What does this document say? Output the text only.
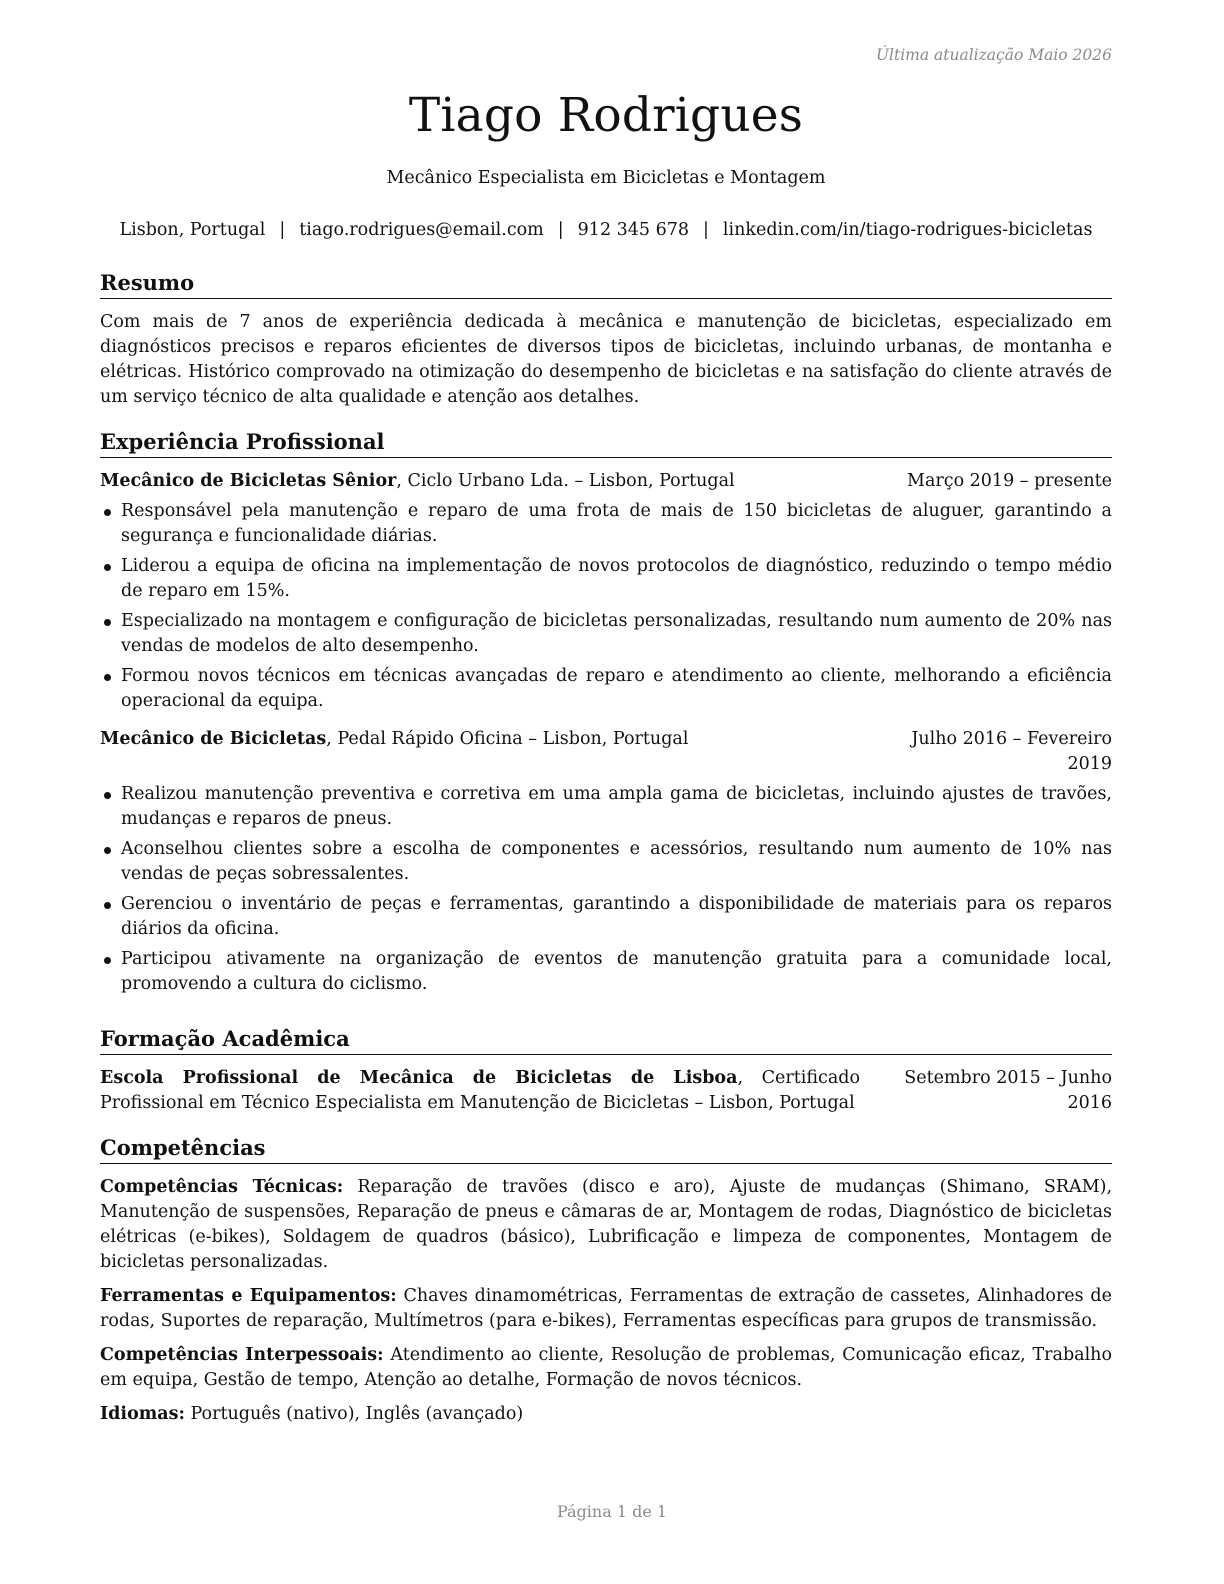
Última atualização Maio 2026
Tiago Rodrigues
Mecânico Especialista em Bicicletas e Montagem
Lisbon, Portugal | tiago.rodrigues@email.com | 912 345 678 | linkedin.com/in/tiago-rodrigues-bicicletas
Resumo
Com mais de 7 anos de experiência dedicada à mecânica e manutenção de bicicletas, especializado em diagnósticos precisos e reparos eficientes de diversos tipos de bicicletas, incluindo urbanas, de montanha e elétricas. Histórico comprovado na otimização do desempenho de bicicletas e na satisfação do cliente através de um serviço técnico de alta qualidade e atenção aos detalhes.
Experiência Profissional
Mecânico de Bicicletas Sênior, Ciclo Urbano Lda. – Lisbon, Portugal	Março 2019 – presente
Responsável pela manutenção e reparo de uma frota de mais de 150 bicicletas de aluguer, garantindo a segurança e funcionalidade diárias.
Liderou a equipa de oficina na implementação de novos protocolos de diagnóstico, reduzindo o tempo médio de reparo em 15%.
Especializado na montagem e configuração de bicicletas personalizadas, resultando num aumento de 20% nas vendas de modelos de alto desempenho.
Formou novos técnicos em técnicas avançadas de reparo e atendimento ao cliente, melhorando a eficiência operacional da equipa.
Mecânico de Bicicletas, Pedal Rápido Oficina – Lisbon, Portugal	Julho 2016 – Fevereiro 2019
Realizou manutenção preventiva e corretiva em uma ampla gama de bicicletas, incluindo ajustes de travões, mudanças e reparos de pneus.
Aconselhou clientes sobre a escolha de componentes e acessórios, resultando num aumento de 10% nas vendas de peças sobressalentes.
Gerenciou o inventário de peças e ferramentas, garantindo a disponibilidade de materiais para os reparos diários da oficina.
Participou ativamente na organização de eventos de manutenção gratuita para a comunidade local, promovendo a cultura do ciclismo.
Formação Acadêmica
Escola Profissional de Mecânica de Bicicletas de Lisboa, Certificado Profissional em Técnico Especialista em Manutenção de Bicicletas – Lisbon, Portugal
Setembro 2015 – Junho 2016
Competências
Competências Técnicas: Reparação de travões (disco e aro), Ajuste de mudanças (Shimano, SRAM), Manutenção de suspensões, Reparação de pneus e câmaras de ar, Montagem de rodas, Diagnóstico de bicicletas elétricas (e-bikes), Soldagem de quadros (básico), Lubrificação e limpeza de componentes, Montagem de bicicletas personalizadas.
Ferramentas e Equipamentos: Chaves dinamométricas, Ferramentas de extração de cassetes, Alinhadores de rodas, Suportes de reparação, Multímetros (para e-bikes), Ferramentas específicas para grupos de transmissão.
Competências Interpessoais: Atendimento ao cliente, Resolução de problemas, Comunicação eficaz, Trabalho em equipa, Gestão de tempo, Atenção ao detalhe, Formação de novos técnicos.
Idiomas: Português (nativo), Inglês (avançado)
Página 1 de 1
